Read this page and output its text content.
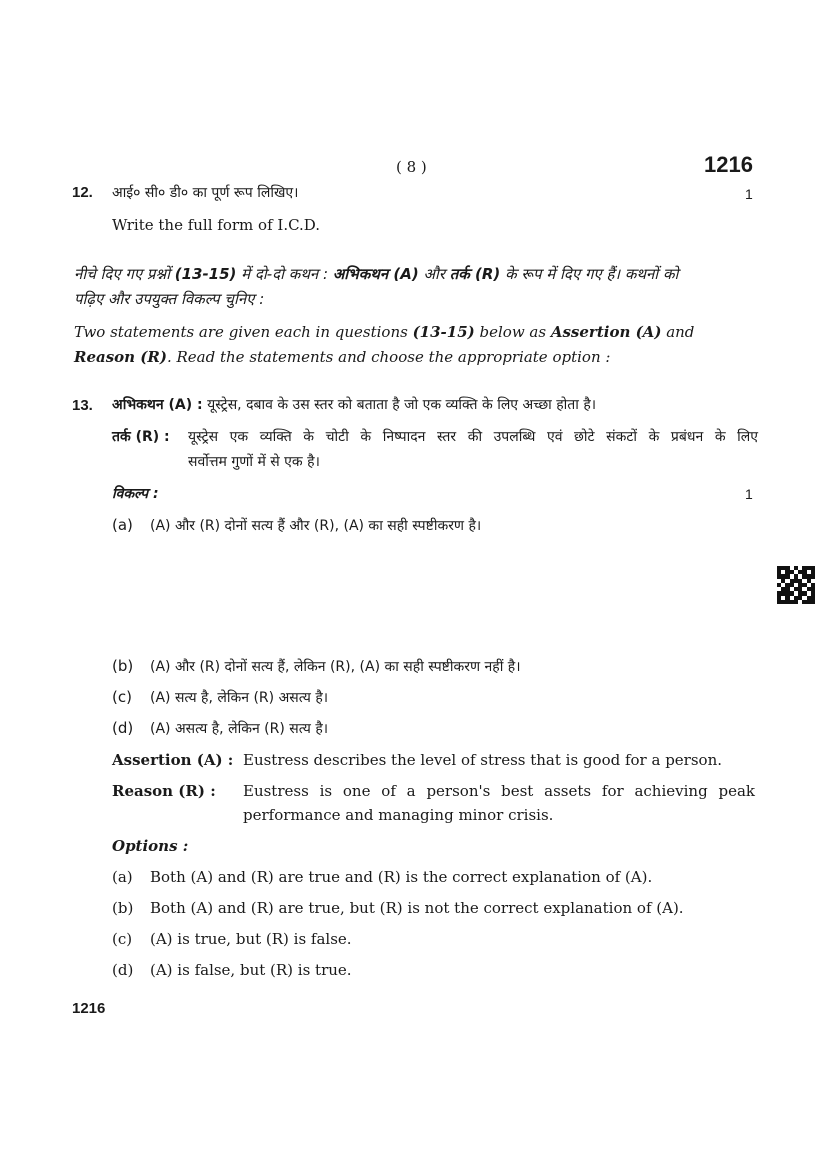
( 8 )	1216
12. आई० सी० डी० का पूर्ण रूप लिखिए।	1
Write the full form of I.C.D.
नीचे दिए गए प्रश्नों (13-15) में दो-दो कथन : अभिकथन (A) और तर्क (R) के रूप में दिए गए हैं। कथनों को
पढ़िए और उपयुक्त विकल्प चुनिए :
Two statements are given each in questions (13-15) below as Assertion (A) and
Reason (R). Read the statements and choose the appropriate option :
13. अभिकथन (A) : यूस्ट्रेस, दबाव के उस स्तर को बताता है जो एक व्यक्ति के लिए अच्छा होता है।
तर्क (R) : यूस्ट्रेस एक व्यक्ति के चोटी के निष्पादन स्तर की उपलब्धि एवं छोटे संकटों के प्रबंधन के लिए
सर्वोत्तम गुणों में से एक है।
विकल्प :	1
(a)	(A) और (R) दोनों सत्य हैं और (R), (A) का सही स्पष्टीकरण है।
(b)	(A) और (R) दोनों सत्य हैं, लेकिन (R), (A) का सही स्पष्टीकरण नहीं है।
(c)	(A) सत्य है, लेकिन (R) असत्य है।
(d)	(A) असत्य है, लेकिन (R) सत्य है।
Assertion (A) : Eustress describes the level of stress that is good for a person.
Reason (R) : Eustress is one of a person's best assets for achieving peak
performance and managing minor crisis.
Options :
(a)	Both (A) and (R) are true and (R) is the correct explanation of (A).
(b)	Both (A) and (R) are true, but (R) is not the correct explanation of (A).
(c)	(A) is true, but (R) is false.
(d)	(A) is false, but (R) is true.
1216
